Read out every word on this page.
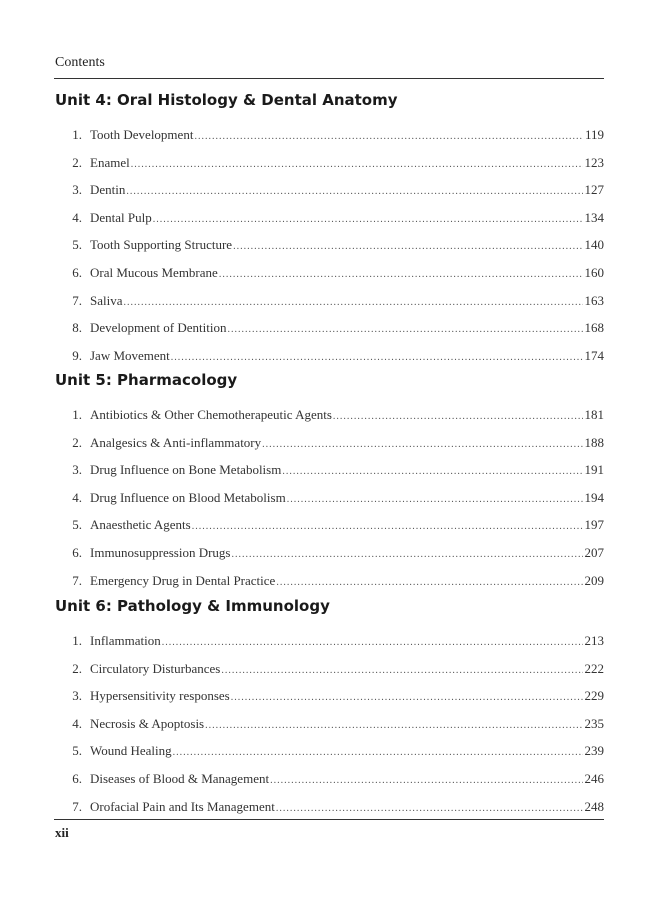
Contents
Unit 4: Oral Histology & Dental Anatomy
1. Tooth Development .....	119
2. Enamel .....	123
3. Dentin .....	127
4. Dental Pulp .....	134
5. Tooth Supporting Structure .....	140
6. Oral Mucous Membrane .....	160
7. Saliva .....	163
8. Development of Dentition .....	168
9. Jaw Movement .....	174
Unit 5: Pharmacology
1. Antibiotics & Other Chemotherapeutic Agents .....	181
2. Analgesics & Anti-inflammatory .....	188
3. Drug Influence on Bone Metabolism .....	191
4. Drug Influence on Blood Metabolism .....	194
5. Anaesthetic Agents .....	197
6. Immunosuppression Drugs .....	207
7. Emergency Drug in Dental Practice .....	209
Unit 6: Pathology & Immunology
1. Inflammation .....	213
2. Circulatory Disturbances .....	222
3. Hypersensitivity responses .....	229
4. Necrosis & Apoptosis .....	235
5. Wound Healing .....	239
6. Diseases of Blood & Management .....	246
7. Orofacial Pain and Its Management .....	248
xii
